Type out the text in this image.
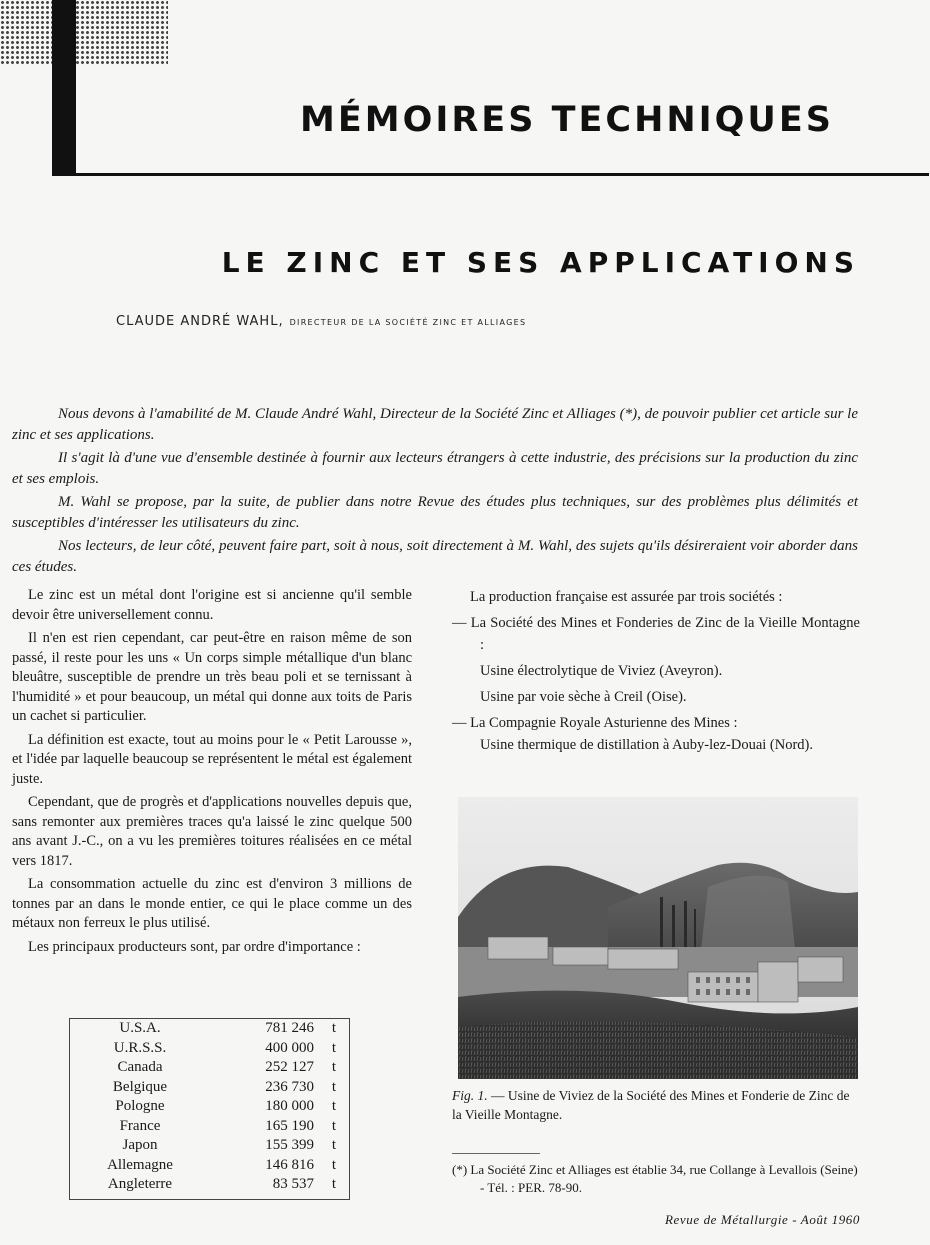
MÉMOIRES TECHNIQUES
LE ZINC ET SES APPLICATIONS
CLAUDE ANDRÉ WAHL, DIRECTEUR DE LA SOCIÉTÉ ZINC ET ALLIAGES

Nous devons à l'amabilité de M. Claude André Wahl, Directeur de la Société Zinc et Alliages (*), de pouvoir publier cet article sur le zinc et ses applications.

Il s'agit là d'une vue d'ensemble destinée à fournir aux lecteurs étrangers à cette industrie, des précisions sur la production du zinc et ses emplois.

M. Wahl se propose, par la suite, de publier dans notre Revue des études plus techniques, sur des problèmes plus délimités et susceptibles d'intéresser les utilisateurs du zinc.

Nos lecteurs, de leur côté, peuvent faire part, soit à nous, soit directement à M. Wahl, des sujets qu'ils désireraient voir aborder dans ces études.

Le zinc est un métal dont l'origine est si ancienne qu'il semble devoir être universellement connu.

Il n'en est rien cependant, car peut-être en raison même de son passé, il reste pour les uns « Un corps simple métallique d'un blanc bleuâtre, susceptible de prendre un très beau poli et se ternissant à l'humidité » et pour beaucoup, un métal qui donne aux toits de Paris un cachet si particulier.

La définition est exacte, tout au moins pour le « Petit Larousse », et l'idée par laquelle beaucoup se représentent le métal est également juste.

Cependant, que de progrès et d'applications nouvelles depuis que, sans remonter aux premières traces qu'a laissé le zinc quelque 500 ans avant J.-C., on a vu les premières toitures réalisées en ce métal vers 1817.

La consommation actuelle du zinc est d'environ 3 millions de tonnes par an dans le monde entier, ce qui le place comme un des métaux non ferreux le plus utilisé.

Les principaux producteurs sont, par ordre d'importance :

U.S.A.	781 246	t
U.R.S.S.	400 000	t
Canada	252 127	t
Belgique	236 730	t
Pologne	180 000	t
France	165 190	t
Japon	155 399	t
Allemagne	146 816	t
Angleterre	83 537	t

La production française est assurée par trois sociétés :

— La Société des Mines et Fonderies de Zinc de la Vieille Montagne :

Usine électrolytique de Viviez (Aveyron).

Usine par voie sèche à Creil (Oise).

— La Compagnie Royale Asturienne des Mines :

Usine thermique de distillation à Auby-lez-Douai (Nord).

Fig. 1. — Usine de Viviez de la Société des Mines et Fonderie de Zinc de la Vieille Montagne.
(*) La Société Zinc et Alliages est établie 34, rue Collange à Levallois (Seine) - Tél. : PER. 78-90.
Revue de Métallurgie - Août 1960
